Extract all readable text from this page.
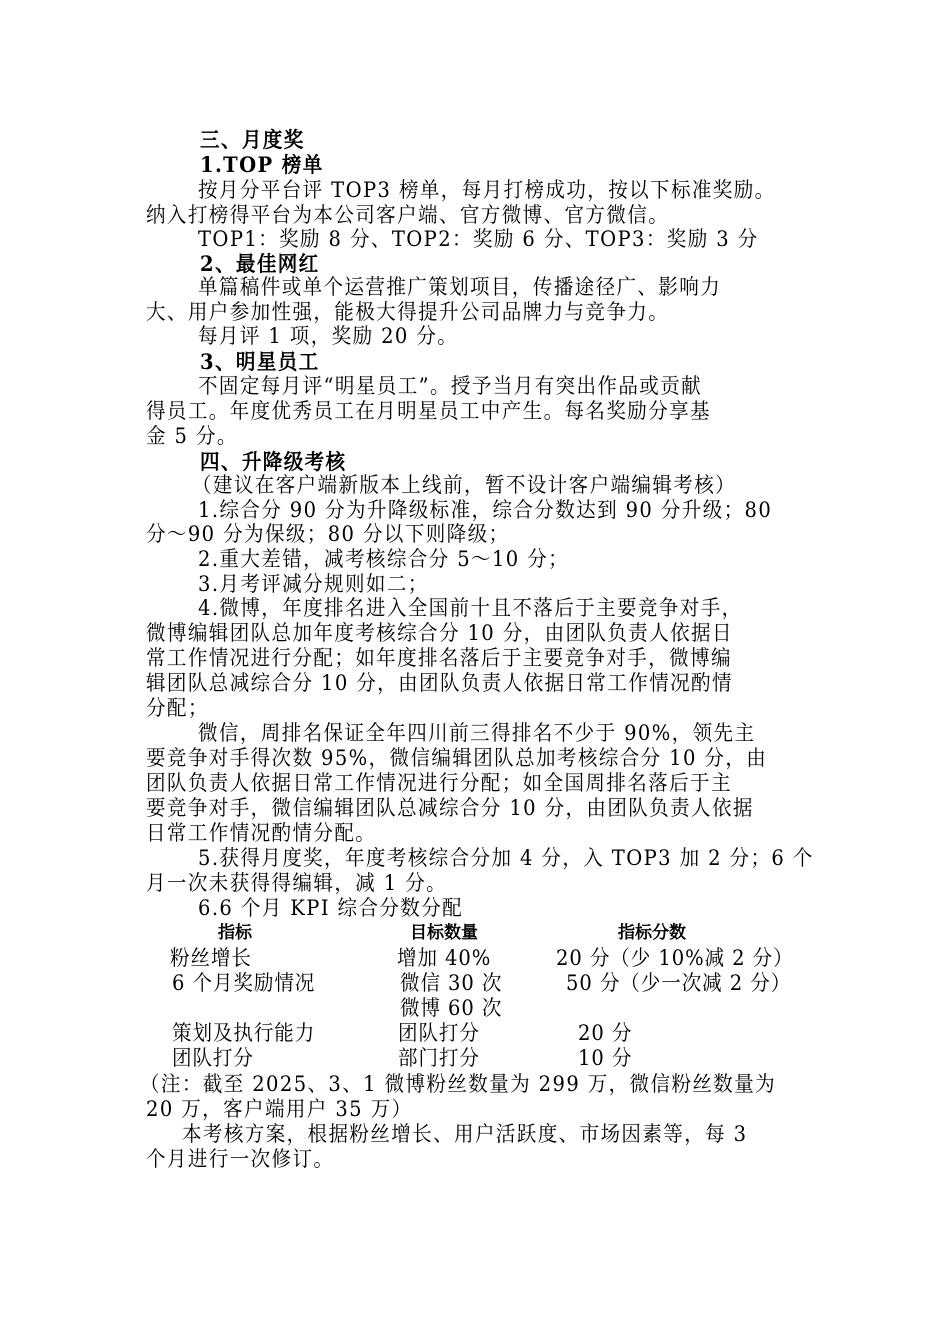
三、月度奖
1.TOP 榜单
按月分平台评 TOP3 榜单，每月打榜成功，按以下标准奖励。
纳入打榜得平台为本公司客户端、官方微博、官方微信。
TOP1：奖励 8 分、TOP2：奖励 6 分、TOP3：奖励 3 分
2、最佳网红
单篇稿件或单个运营推广策划项目，传播途径广、影响力
大、用户参加性强，能极大得提升公司品牌力与竞争力。
每月评 1 项，奖励 20 分。
3、明星员工
不固定每月评“明星员工”。授予当月有突出作品或贡献
得员工。年度优秀员工在月明星员工中产生。每名奖励分享基
金 5 分。
四、升降级考核
（建议在客户端新版本上线前，暂不设计客户端编辑考核）
1.综合分 90 分为升降级标准，综合分数达到 90 分升级；80
分～90 分为保级；80 分以下则降级；
2.重大差错，减考核综合分 5～10 分；
3.月考评减分规则如二；
4.微博，年度排名进入全国前十且不落后于主要竞争对手，
微博编辑团队总加年度考核综合分 10 分，由团队负责人依据日
常工作情况进行分配；如年度排名落后于主要竞争对手，微博编
辑团队总减综合分 10 分，由团队负责人依据日常工作情况酌情
分配；
微信，周排名保证全年四川前三得排名不少于 90%，领先主
要竞争对手得次数 95%，微信编辑团队总加考核综合分 10 分，由
团队负责人依据日常工作情况进行分配；如全国周排名落后于主
要竞争对手，微信编辑团队总减综合分 10 分，由团队负责人依据
日常工作情况酌情分配。
5.获得月度奖，年度考核综合分加 4 分，入 TOP3 加 2 分；6 个
月一次未获得得编辑，减 1 分。
6.6 个月 KPI 综合分数分配
指标	目标数量	指标分数
粉丝增长	增加 40%	20 分（少 10%减 2 分）
6 个月奖励情况	微信 30 次	50 分（少一次减 2 分）
微博 60 次
策划及执行能力	团队打分	20 分
团队打分	部门打分	10 分
（注：截至 2025、3、1 微博粉丝数量为 299 万，微信粉丝数量为
20 万，客户端用户 35 万）
本考核方案，根据粉丝增长、用户活跃度、市场因素等，每 3
个月进行一次修订。
